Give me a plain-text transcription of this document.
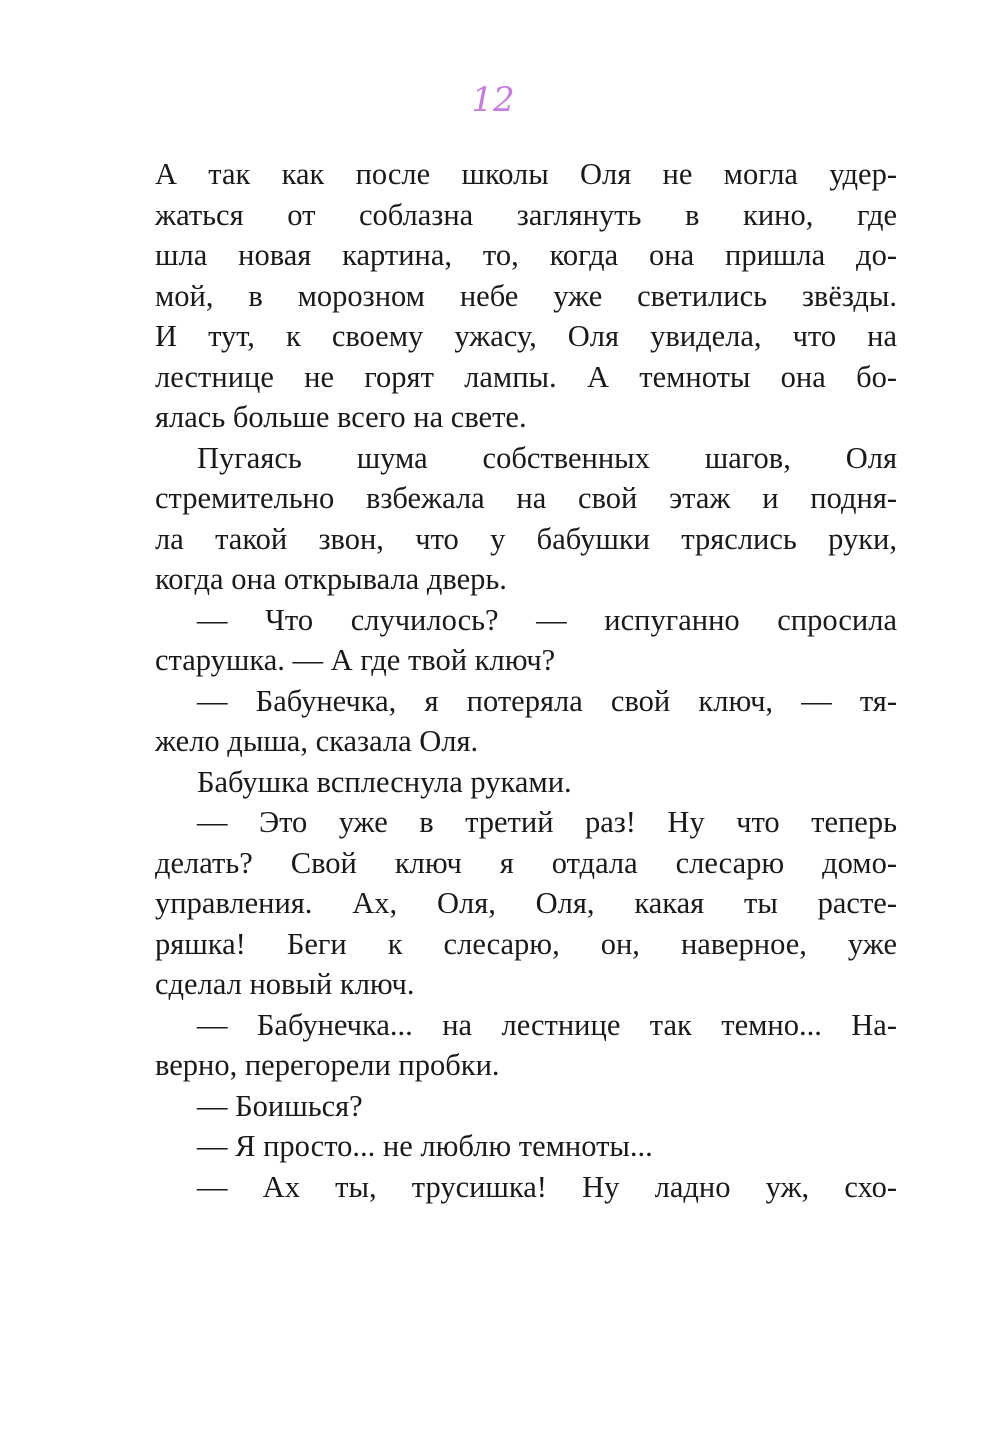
12
А так как после школы Оля не могла удер-
жаться от соблазна заглянуть в кино, где
шла новая картина, то, когда она пришла до-
мой, в морозном небе уже светились звёзды.
И тут, к своему ужасу, Оля увидела, что на
лестнице не горят лампы. А темноты она бо-
ялась больше всего на свете.
Пугаясь шума собственных шагов, Оля
стремительно взбежала на свой этаж и подня-
ла такой звон, что у бабушки тряслись руки,
когда она открывала дверь.
— Что случилось? — испуганно спросила
старушка. — А где твой ключ?
— Бабунечка, я потеряла свой ключ, — тя-
жело дыша, сказала Оля.
Бабушка всплеснула руками.
— Это уже в третий раз! Ну что теперь
делать? Свой ключ я отдала слесарю домо-
управления. Ах, Оля, Оля, какая ты расте-
ряшка! Беги к слесарю, он, наверное, уже
сделал новый ключ.
— Бабунечка... на лестнице так темно... На-
верно, перегорели пробки.
— Боишься?
— Я просто... не люблю темноты...
— Ах ты, трусишка! Ну ладно уж, схо-
